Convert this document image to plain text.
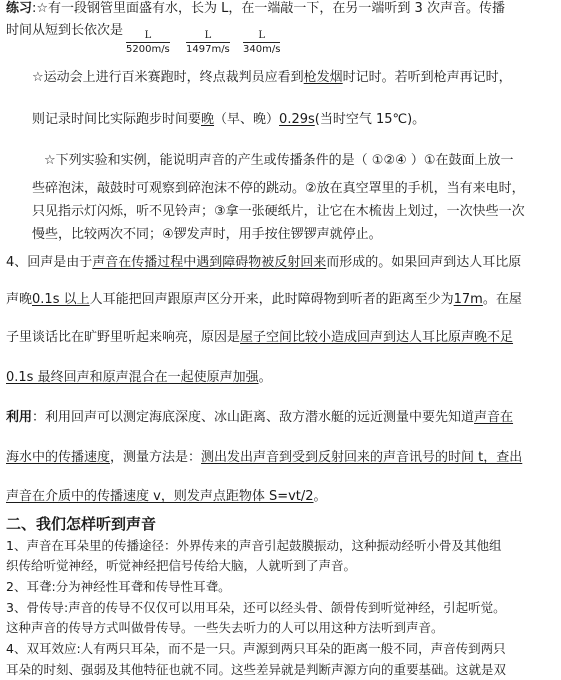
练习:☆有一段钢管里面盛有水，长为 L，在一端敲一下，在另一端听到 3 次声音。传播
时间从短到长依次是 $\frac{L}{5200m/s} \frac{L}{1497m/s} \frac{L}{340m/s}$
☆运动会上进行百米赛跑时，终点裁判员应看到枪发烟时记时。若听到枪声再记时，
则记录时间比实际跑步时间要晚（早、晚）0.29s(当时空气 15℃)。
☆下列实验和实例，能说明声音的产生或传播条件的是（ ①②④ ）①在鼓面上放一
些碎泡沫，敲鼓时可观察到碎泡沫不停的跳动。②放在真空罩里的手机，当有来电时，
只见指示灯闪烁，听不见铃声；③拿一张硬纸片，让它在木梳齿上划过，一次快些一次
慢些，比较两次不同；④锣发声时，用手按住锣锣声就停止。
4、回声是由于声音在传播过程中遇到障碍物被反射回来而形成的。如果回声到达人耳比原
声晚0.1s 以上人耳能把回声跟原声区分开来，此时障碍物到听者的距离至少为17m。在屋
子里谈话比在旷野里听起来响亮，原因是屋子空间比较小造成回声到达人耳比原声晚不足
0.1s 最终回声和原声混合在一起使原声加强。
利用：利用回声可以测定海底深度、冰山距离、敌方潜水艇的远近测量中要先知道声音在
海水中的传播速度，测量方法是：测出发出声音到受到反射回来的声音讯号的时间 t，查出
声音在介质中的传播速度 v，则发声点距物体 S=vt/2。
二、我们怎样听到声音
1、声音在耳朵里的传播途径：外界传来的声音引起鼓膜振动，这种振动经听小骨及其他组
织传给听觉神经，听觉神经把信号传给大脑，人就听到了声音。
2、耳聋:分为神经性耳聋和传导性耳聋。
3、骨传导:声音的传导不仅仅可以用耳朵，还可以经头骨、颌骨传到听觉神经，引起听觉。
这种声音的传导方式叫做骨传导。一些失去听力的人可以用这种方法听到声音。
4、双耳效应:人有两只耳朵，而不是一只。声源到两只耳朵的距离一般不同，声音传到两只
耳朵的时刻、强弱及其他特征也就不同。这些差异就是判断声源方向的重要基础。这就是双
